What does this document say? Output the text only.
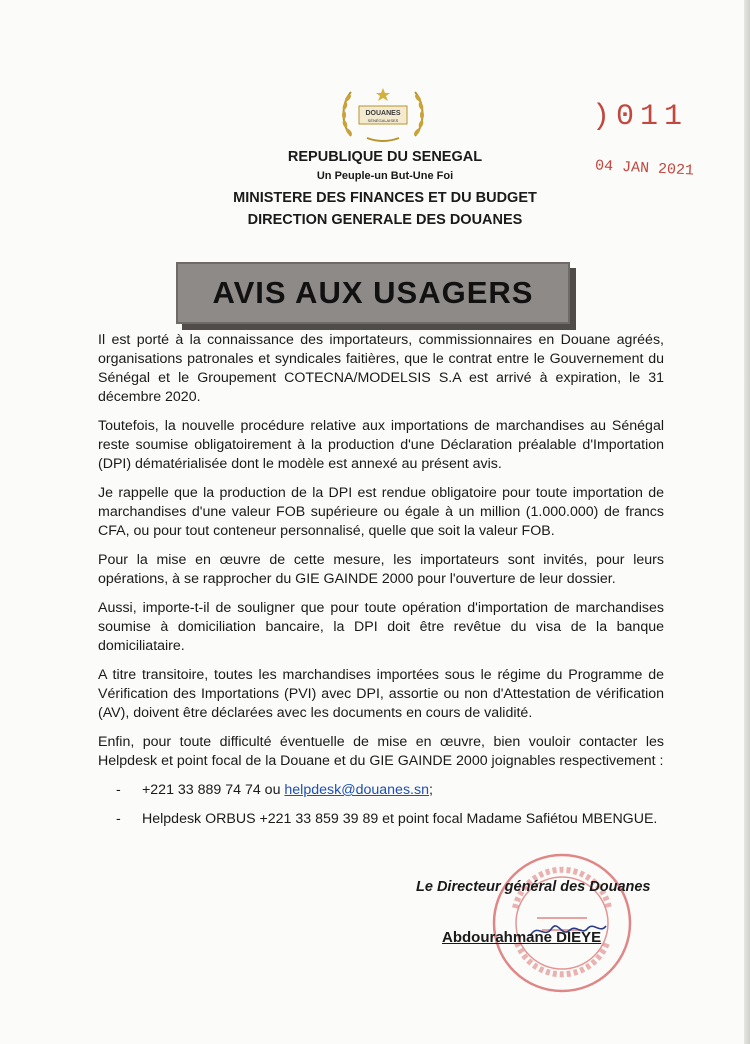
DOUANES
SÉNÉGALAISES	)011
04 JAN 2021
REPUBLIQUE DU SENEGAL
Un Peuple-un But-Une Foi
MINISTERE DES FINANCES ET DU BUDGET
DIRECTION GENERALE DES DOUANES
AVIS AUX USAGERS

Il est porté à la connaissance des importateurs, commissionnaires en Douane agréés, organisations patronales et syndicales faitières, que le contrat entre le Gouvernement du Sénégal et le Groupement COTECNA/MODELSIS S.A est arrivé à expiration, le 31 décembre 2020.

Toutefois, la nouvelle procédure relative aux importations de marchandises au Sénégal reste soumise obligatoirement à la production d'une Déclaration préalable d'Importation (DPI) dématérialisée dont le modèle est annexé au présent avis.

Je rappelle que la production de la DPI est rendue obligatoire pour toute importation de marchandises d'une valeur FOB supérieure ou égale à un million (1.000.000) de francs CFA, ou pour tout conteneur personnalisé, quelle que soit la valeur FOB.

Pour la mise en œuvre de cette mesure, les importateurs sont invités, pour leurs opérations, à se rapprocher du GIE GAINDE 2000 pour l'ouverture de leur dossier.

Aussi, importe-t-il de souligner que pour toute opération d'importation de marchandises soumise à domiciliation bancaire, la DPI doit être revêtue du visa de la banque domiciliataire.

A titre transitoire, toutes les marchandises importées sous le régime du Programme de Vérification des Importations (PVI) avec DPI, assortie ou non d'Attestation de vérification (AV), doivent être déclarées avec les documents en cours de validité.

Enfin, pour toute difficulté éventuelle de mise en œuvre, bien vouloir contacter les Helpdesk et point focal de la Douane et du GIE GAINDE 2000 joignables respectivement :

-	+221 33 889 74 74 ou helpdesk@douanes.sn;
-	Helpdesk ORBUS +221 33 859 39 89 et point focal Madame Safiétou MBENGUE.
Le Directeur général des Douanes
Abdourahmane DIEYE
